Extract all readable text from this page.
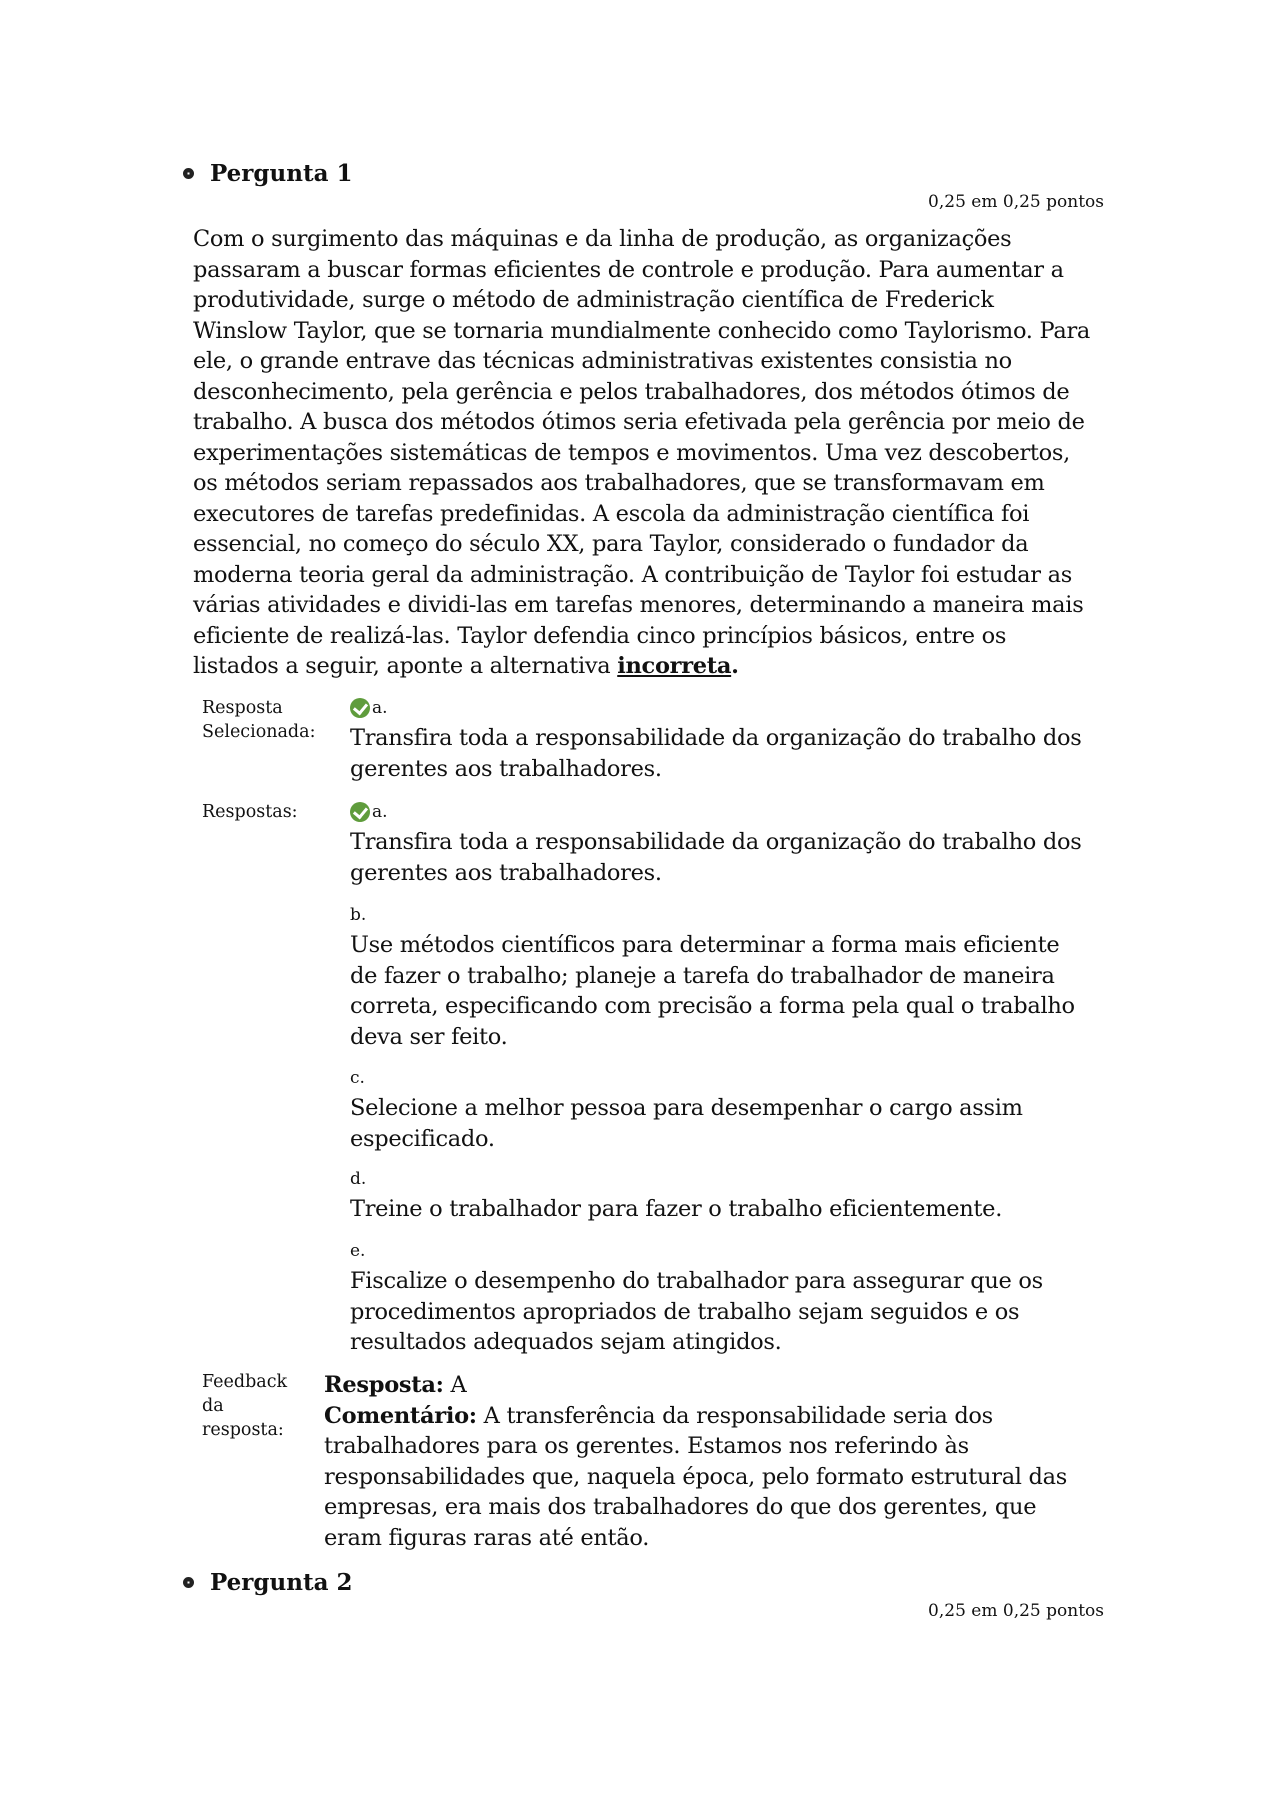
Pergunta 1
0,25 em 0,25 pontos
Com o surgimento das máquinas e da linha de produção, as organizações passaram a buscar formas eficientes de controle e produção. Para aumentar a produtividade, surge o método de administração científica de Frederick Winslow Taylor, que se tornaria mundialmente conhecido como Taylorismo. Para ele, o grande entrave das técnicas administrativas existentes consistia no desconhecimento, pela gerência e pelos trabalhadores, dos métodos ótimos de trabalho. A busca dos métodos ótimos seria efetivada pela gerência por meio de experimentações sistemáticas de tempos e movimentos. Uma vez descobertos, os métodos seriam repassados aos trabalhadores, que se transformavam em executores de tarefas predefinidas. A escola da administração científica foi essencial, no começo do século XX, para Taylor, considerado o fundador da moderna teoria geral da administração. A contribuição de Taylor foi estudar as várias atividades e dividi-las em tarefas menores, determinando a maneira mais eficiente de realizá-las. Taylor defendia cinco princípios básicos, entre os listados a seguir, aponte a alternativa incorreta.
Resposta Selecionada:
a.
Transfira toda a responsabilidade da organização do trabalho dos gerentes aos trabalhadores.
Respostas:	a.
Transfira toda a responsabilidade da organização do trabalho dos gerentes aos trabalhadores.
b.
Use métodos científicos para determinar a forma mais eficiente de fazer o trabalho; planeje a tarefa do trabalhador de maneira correta, especificando com precisão a forma pela qual o trabalho deva ser feito.
c.
Selecione a melhor pessoa para desempenhar o cargo assim especificado.
d.
Treine o trabalhador para fazer o trabalho eficientemente.
e.
Fiscalize o desempenho do trabalhador para assegurar que os procedimentos apropriados de trabalho sejam seguidos e os resultados adequados sejam atingidos.
Feedback da resposta:
Resposta: A
Comentário: A transferência da responsabilidade seria dos trabalhadores para os gerentes. Estamos nos referindo às responsabilidades que, naquela época, pelo formato estrutural das empresas, era mais dos trabalhadores do que dos gerentes, que eram figuras raras até então.
Pergunta 2
0,25 em 0,25 pontos
